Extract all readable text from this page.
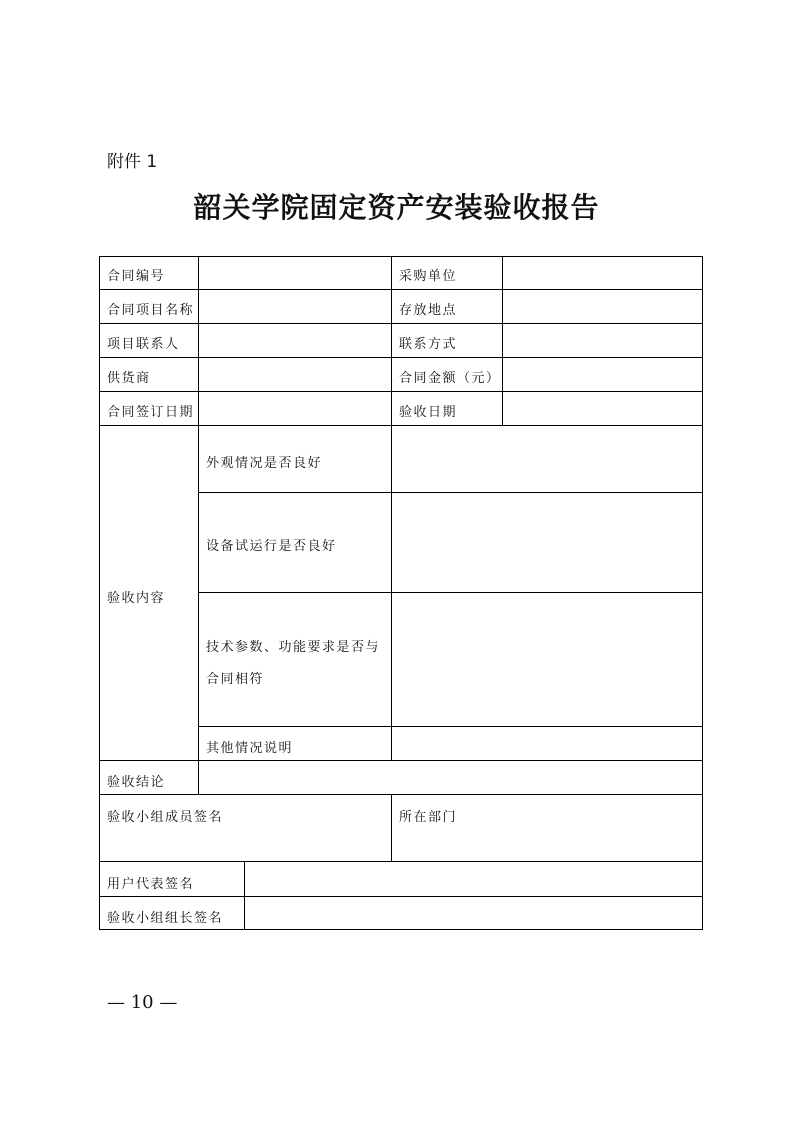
附件 1
韶关学院固定资产安装验收报告
合同编号	采购单位
合同项目名称	存放地点
项目联系人	联系方式
供货商	合同金额（元）
合同签订日期	验收日期
验收内容
外观情况是否良好
设备试运行是否良好
技术参数、功能要求是否与合同相符
其他情况说明
验收结论
验收小组成员签名	所在部门
用户代表签名
验收小组组长签名
— 10 —
